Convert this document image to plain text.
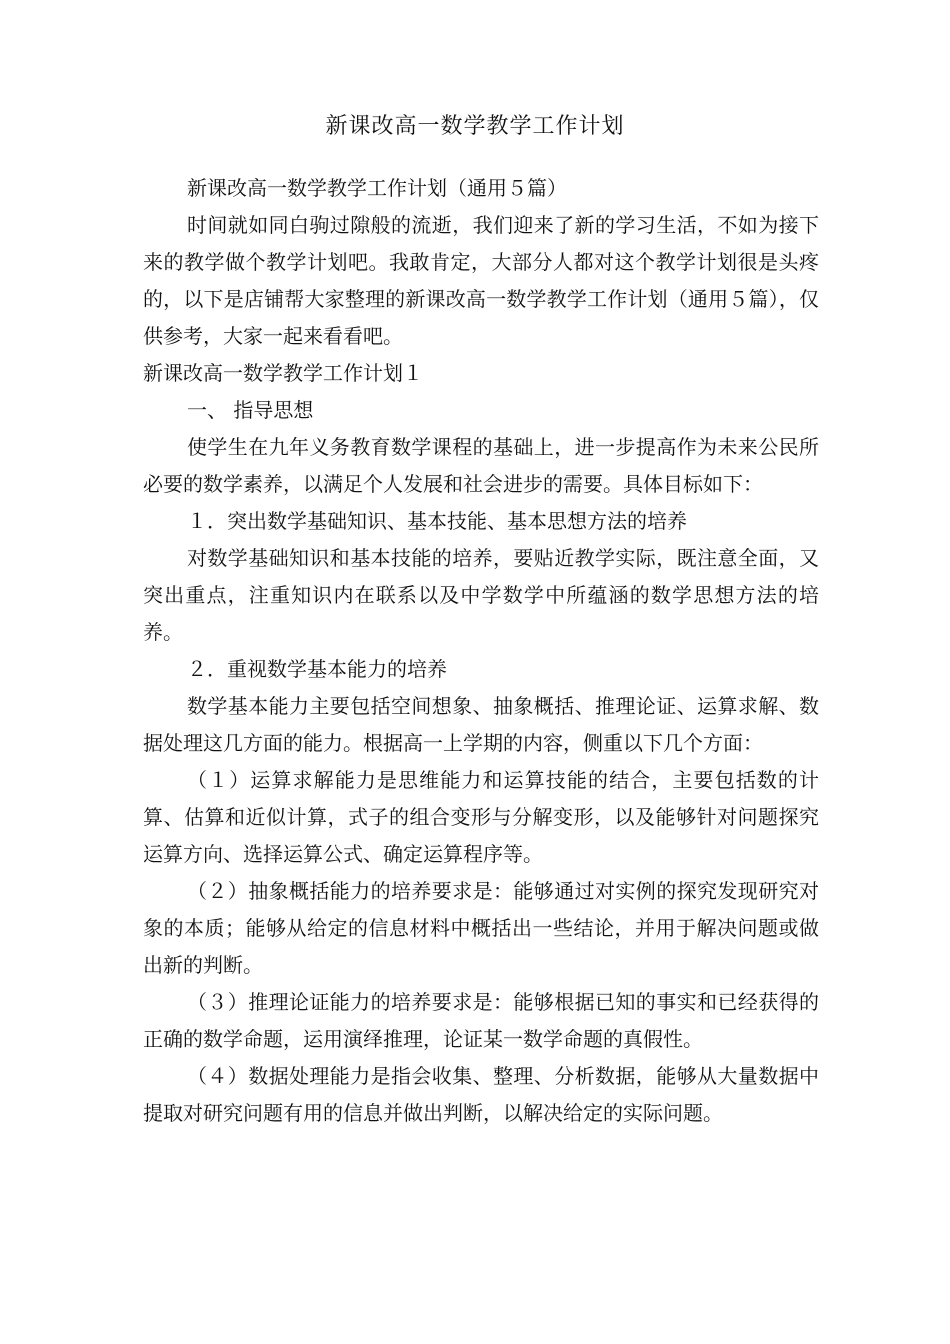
新课改高一数学教学工作计划

新课改高一数学教学工作计划（通用５篇）

时间就如同白驹过隙般的流逝，我们迎来了新的学习生活，不如为接下来的教学做个教学计划吧。我敢肯定，大部分人都对这个教学计划很是头疼的，以下是店铺帮大家整理的新课改高一数学教学工作计划（通用５篇），仅供参考，大家一起来看看吧。

新课改高一数学教学工作计划１

一、 指导思想

使学生在九年义务教育数学课程的基础上，进一步提高作为未来公民所必要的数学素养，以满足个人发展和社会进步的需要。具体目标如下：

１．突出数学基础知识、基本技能、基本思想方法的培养

对数学基础知识和基本技能的培养，要贴近教学实际，既注意全面，又突出重点，注重知识内在联系以及中学数学中所蕴涵的数学思想方法的培养。

２．重视数学基本能力的培养

数学基本能力主要包括空间想象、抽象概括、推理论证、运算求解、数据处理这几方面的能力。根据高一上学期的内容，侧重以下几个方面：

（１）运算求解能力是思维能力和运算技能的结合，主要包括数的计算、估算和近似计算，式子的组合变形与分解变形，以及能够针对问题探究运算方向、选择运算公式、确定运算程序等。

（２）抽象概括能力的培养要求是：能够通过对实例的探究发现研究对象的本质；能够从给定的信息材料中概括出一些结论，并用于解决问题或做出新的判断。

（３）推理论证能力的培养要求是：能够根据已知的事实和已经获得的正确的数学命题，运用演绎推理，论证某一数学命题的真假性。

（４）数据处理能力是指会收集、整理、分析数据，能够从大量数据中提取对研究问题有用的信息并做出判断，以解决给定的实际问题。
